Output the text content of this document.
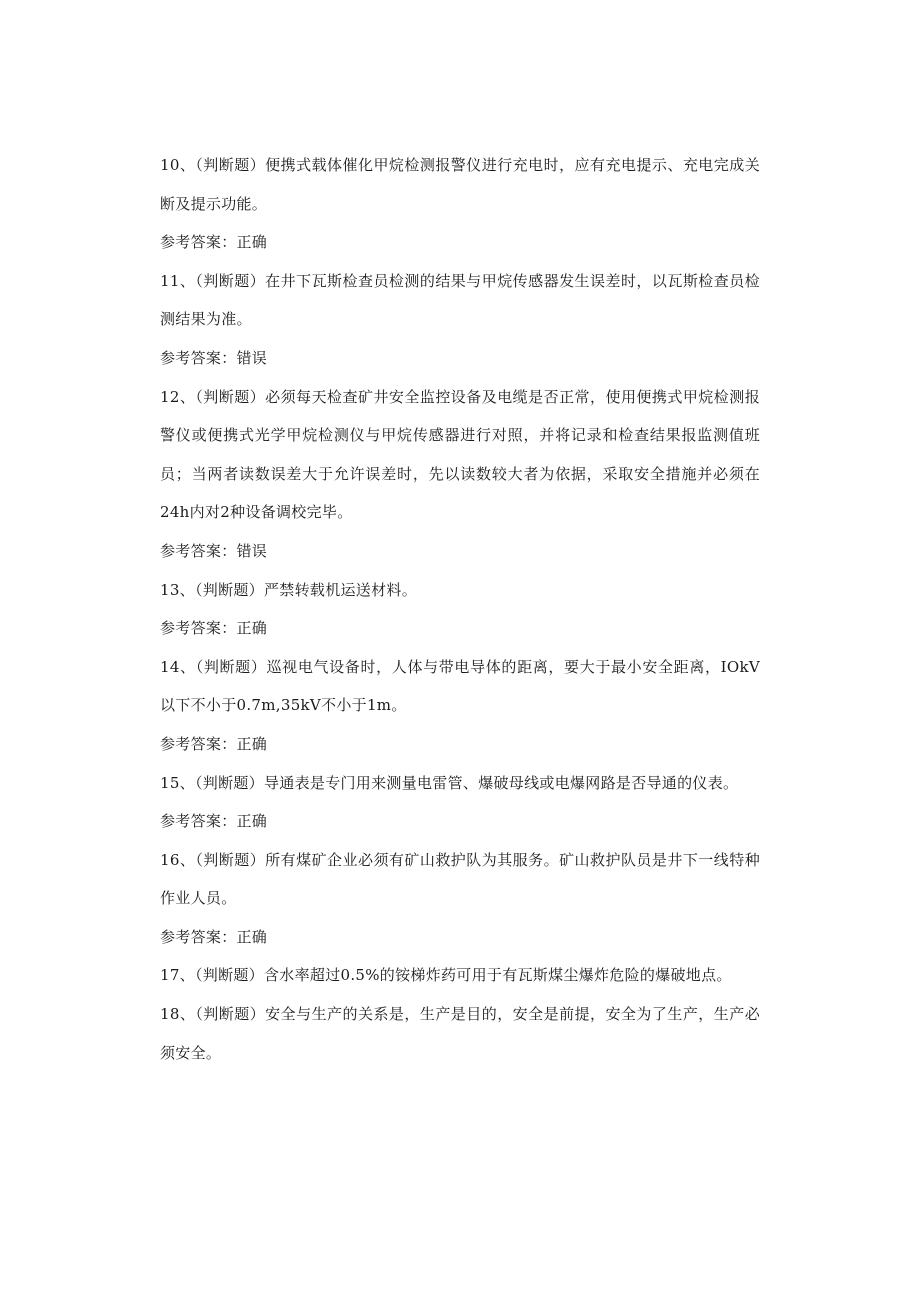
10、（判断题）便携式载体催化甲烷检测报警仪进行充电时，应有充电提示、充电完成关断及提示功能。

参考答案：正确

11、（判断题）在井下瓦斯检查员检测的结果与甲烷传感器发生误差时，以瓦斯检查员检测结果为准。

参考答案：错误

12、（判断题）必须每天检查矿井安全监控设备及电缆是否正常，使用便携式甲烷检测报警仪或便携式光学甲烷检测仪与甲烷传感器进行对照，并将记录和检查结果报监测值班员；当两者读数误差大于允许误差时，先以读数较大者为依据，采取安全措施并必须在24h内对2种设备调校完毕。

参考答案：错误

13、（判断题）严禁转载机运送材料。

参考答案：正确

14、（判断题）巡视电气设备时，人体与带电导体的距离，要大于最小安全距离，IOkV以下不小于0.7m,35kV不小于1m。

参考答案：正确

15、（判断题）导通表是专门用来测量电雷管、爆破母线或电爆网路是否导通的仪表。

参考答案：正确

16、（判断题）所有煤矿企业必须有矿山救护队为其服务。矿山救护队员是井下一线特种作业人员。

参考答案：正确

17、（判断题）含水率超过0.5%的铵梯炸药可用于有瓦斯煤尘爆炸危险的爆破地点。

18、（判断题）安全与生产的关系是，生产是目的，安全是前提，安全为了生产，生产必须安全。
